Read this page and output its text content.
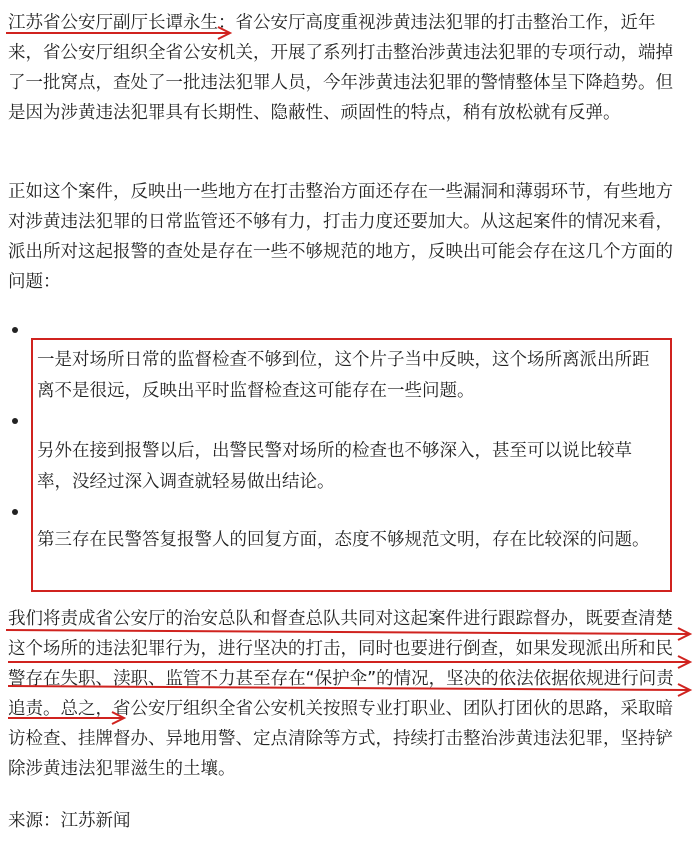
江苏省公安厅副厅长谭永生：省公安厅高度重视涉黄违法犯罪的打击整治工作，近年来，省公安厅组织全省公安机关，开展了系列打击整治涉黄违法犯罪的专项行动，端掉了一批窝点，查处了一批违法犯罪人员，今年涉黄违法犯罪的警情整体呈下降趋势。但是因为涉黄违法犯罪具有长期性、隐蔽性、顽固性的特点，稍有放松就有反弹。

正如这个案件，反映出一些地方在打击整治方面还存在一些漏洞和薄弱环节，有些地方对涉黄违法犯罪的日常监管还不够有力，打击力度还要加大。从这起案件的情况来看，派出所对这起报警的查处是存在一些不够规范的地方，反映出可能会存在这几个方面的问题：

一是对场所日常的监督检查不够到位，这个片子当中反映，这个场所离派出所距离不是很远，反映出平时监督检查这可能存在一些问题。

另外在接到报警以后，出警民警对场所的检查也不够深入，甚至可以说比较草率，没经过深入调查就轻易做出结论。

第三存在民警答复报警人的回复方面，态度不够规范文明，存在比较深的问题。

我们将责成省公安厅的治安总队和督查总队共同对这起案件进行跟踪督办，既要查清楚这个场所的违法犯罪行为，进行坚决的打击，同时也要进行倒查，如果发现派出所和民警存在失职、渎职、监管不力甚至存在“保护伞”的情况，坚决的依法依据依规进行问责追责。总之，省公安厅组织全省公安机关按照专业打职业、团队打团伙的思路，采取暗访检查、挂牌督办、异地用警、定点清除等方式，持续打击整治涉黄违法犯罪，坚持铲除涉黄违法犯罪滋生的土壤。

来源：江苏新闻
